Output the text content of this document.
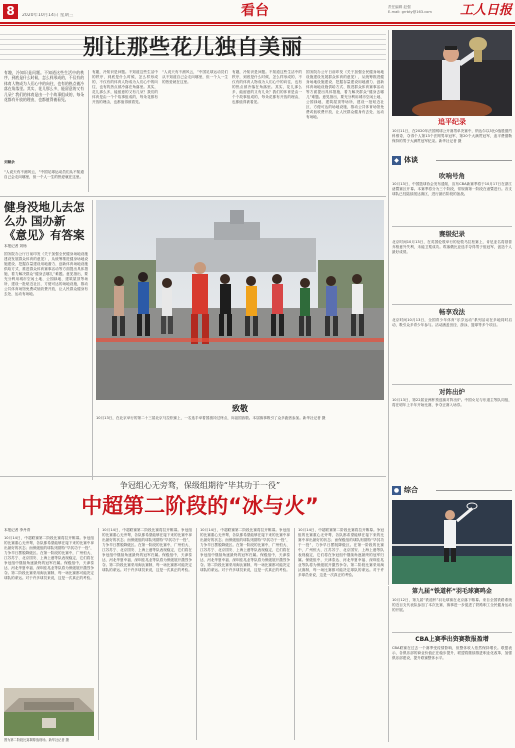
8	2020年10月14日 星期三	看台	责任编辑 赵强
E-mail: grrbty@163.com	工人日报
别让那些花儿独自美丽
有趣，冷知识是问题。不知道这些生活中的秩序，到底是什么时候，怎么样形成的，不仅有的体育人物成为人们心中的向往，也有的热点被冷落在角落里。其实，花儿那么多，能留意的又有几朵？我们的体育是由一个个故事组成的，每朵花都有开放的理由，也都值得被看见。
刘颖余
“人说天有不测风云，”中国足球运动员们从不知道自己会走向哪里，但一个人一生的热爱就在这里。
有趣，冷知识是问题。不知道这些生活中的秩序，到底是什么时候，怎么样形成的，不仅有的体育人物成为人们心中的向往，也有的热点被冷落在角落里。其实，花儿那么多，能留意的又有几朵？我们的体育是由一个个故事组成的，每朵花都有开放的理由，也都值得被看见。
“人说天有不测风云，”中国足球运动员们从不知道自己会走向哪里，但一个人一生的热爱就在这里。
有趣，冷知识是问题。不知道这些生活中的秩序，到底是什么时候，怎么样形成的，不仅有的体育人物成为人们心中的向往，也有的热点被冷落在角落里。其实，花儿那么多，能留意的又有几朵？我们的体育是由一个个故事组成的，每朵花都有开放的理由，也都值得被看见。
国务院办公厅日前印发《关于加强全民健身场地设施建设发展群众体育的意见》，从统筹推进健身场地设施建设、挖掘存量建设用地潜力、创新体育场地设施供给方式、推进群众体育赛事活动等方面提出具体措施，着力解决群众“健身去哪儿”难题。意见指出，要充分利用城市空闲土地、公园绿地、建筑屋顶等场所，建设一批贴近社区、方便可达的场地设施，推动公共体育场馆免费或低收费开放，让人民群众健身有去处、运动有场地。
健身没地儿去怎么办 国办新《意见》有答案
本报记者 刘杨
国务院办公厅日前印发《关于加强全民健身场地设施建设发展群众体育的意见》，从统筹推进健身场地设施建设、挖掘存量建设用地潜力、创新体育场地设施供给方式、推进群众体育赛事活动等方面提出具体措施，着力解决群众“健身去哪儿”难题。意见指出，要充分利用城市空闲土地、公园绿地、建筑屋顶等场所，建设一批贴近社区、方便可达的场地设施，推动公共体育场馆免费或低收费开放，让人民群众健身有去处、运动有场地。
致敬
10月13日，在北京举行的第二十三届北京马拉松赛上，一名选手举着国旗冲过终点，向祖国致敬。本届赛事吸引了众多跑者参加。新华社记者 摄
争冠组心无旁骛，保级组期待“毕其功于一役”
中超第二阶段的“冰与火”
本报记者 李丹青
10月14日，中超联赛第二阶段比赛将拉开帷幕。争冠组的比赛重心无旁骛，各队都希望能够在接下来的比赛中拿出最好的状态；而保级组的球队则期待“毕其功于一役”，力争早日摆脱降级区。在第一阶段的比赛中，广州恒大、江苏苏宁、北京国安、上海上港等队表现稳定，它们将在争冠组中继续角逐最终的冠军归属。保级组中，天津泰达、河北华夏幸福、深圳佳兆业等队将为保级展开激烈争夺。第二阶段比赛采用淘汰赛制，每一场比赛都可能决定球队的命运。对于许多球员来说，这是一次真正的考验。
10月14日，中超联赛第二阶段比赛将拉开帷幕。争冠组的比赛重心无旁骛，各队都希望能够在接下来的比赛中拿出最好的状态；而保级组的球队则期待“毕其功于一役”，力争早日摆脱降级区。在第一阶段的比赛中，广州恒大、江苏苏宁、北京国安、上海上港等队表现稳定，它们将在争冠组中继续角逐最终的冠军归属。保级组中，天津泰达、河北华夏幸福、深圳佳兆业等队将为保级展开激烈争夺。第二阶段比赛采用淘汰赛制，每一场比赛都可能决定球队的命运。对于许多球员来说，这是一次真正的考验。
10月14日，中超联赛第二阶段比赛将拉开帷幕。争冠组的比赛重心无旁骛，各队都希望能够在接下来的比赛中拿出最好的状态；而保级组的球队则期待“毕其功于一役”，力争早日摆脱降级区。在第一阶段的比赛中，广州恒大、江苏苏宁、北京国安、上海上港等队表现稳定，它们将在争冠组中继续角逐最终的冠军归属。保级组中，天津泰达、河北华夏幸福、深圳佳兆业等队将为保级展开激烈争夺。第二阶段比赛采用淘汰赛制，每一场比赛都可能决定球队的命运。对于许多球员来说，这是一次真正的考验。
10月14日，中超联赛第二阶段比赛将拉开帷幕。争冠组的比赛重心无旁骛，各队都希望能够在接下来的比赛中拿出最好的状态；而保级组的球队则期待“毕其功于一役”，力争早日摆脱降级区。在第一阶段的比赛中，广州恒大、江苏苏宁、北京国安、上海上港等队表现稳定，它们将在争冠组中继续角逐最终的冠军归属。保级组中，天津泰达、河北华夏幸福、深圳佳兆业等队将为保级展开激烈争夺。第二阶段比赛采用淘汰赛制，每一场比赛都可能决定球队的命运。对于许多球员来说，这是一次真正的考验。
图为第二阶段比赛揭幕战现场。新华社记者 摄
追平纪录
10月11日，在2020年法国网球公开赛男单决赛中，纳达尔以3比0战胜德约科维奇，夺得个人第13个法网男单冠军，第20个大满贯冠军，追平费德勒保持的男子大满贯冠军纪录。新华社记者 摄
◆ 体谈
吹响号角
10月13日，中国篮球协会发布通知，宣布CBA新赛季将于10月17日在浙江诸暨赛区开幕。本赛季将分为三个阶段，常规赛第一阶段在诸暨进行。各支球队已经陆续抵达赛区，进行最后阶段的备战。
赛级纪录
北京时间10月13日，在英国伦敦举行的伦敦马拉松赛上，肯尼亚名将基普乔格意外失利，未能卫冕成功。埃塞俄比亚选手夺得男子组冠军，创造个人最好成绩。
畅享戏法
北京时间10月13日，全国青少年体育“乐享运动”系列活动在多地同时启动，吸引众多青少年参与。活动涵盖田径、游泳、篮球等多个项目。
对阵出炉
10月13日，第22届亚洲杯预选赛对阵出炉。中国女足与东道主等队同组，将在明年上半年开始比赛，争夺正赛入场券。
● 综合
第九届“铁道杯”羽毛球赛鸣金
10月12日，第九届“铁道杯”羽毛球赛在北京落下帷幕。来自全国铁路系统的近百支代表队参加了本次比赛，赛事进一步促进了铁路职工全民健身运动的开展。
CBA上赛季出资赛数报盈增
CBA联赛在过去一个赛季受疫情影响，但整体收入依然保持增长。联盟表示，各俱乐部的商业价值正在稳步提升，联盟将继续推进职业化改革，加强俱乐部建设，提升联赛整体水平。
